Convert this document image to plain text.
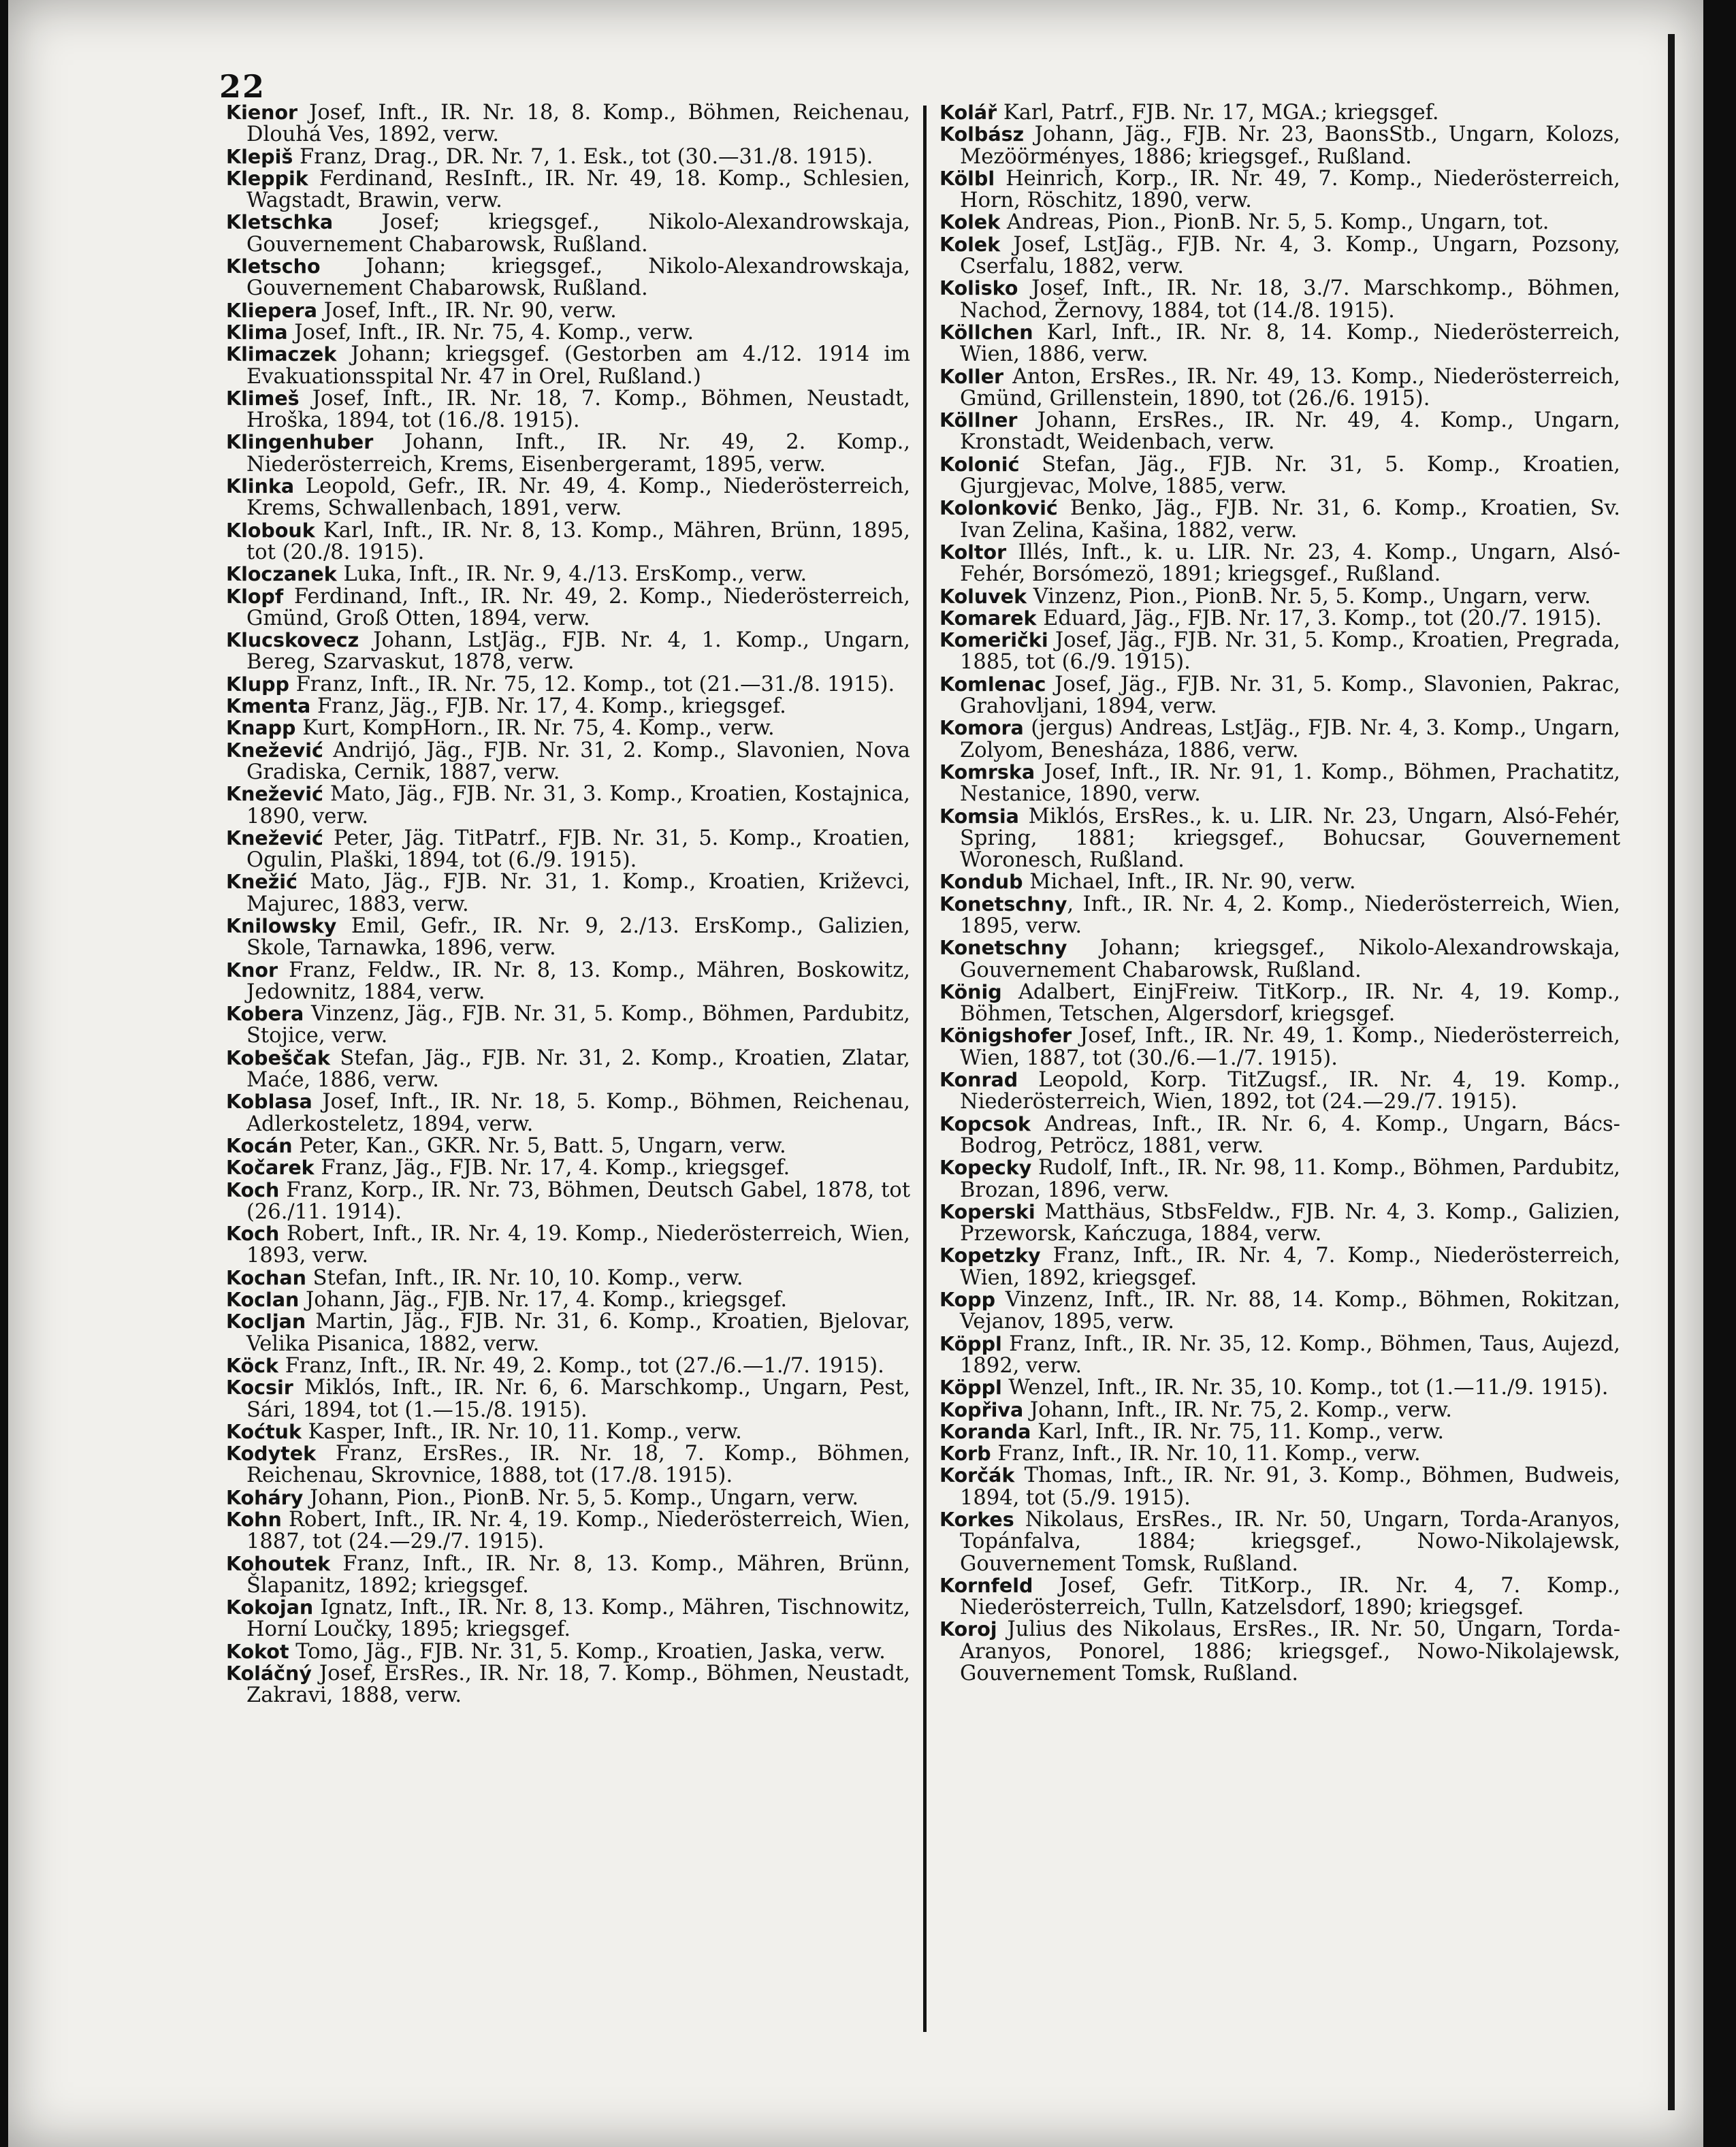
22

Kienor Josef, Inft., IR. Nr. 18, 8. Komp., Böhmen, Reichenau, Dlouhá Ves, 1892, verw.

Klepiš Franz, Drag., DR. Nr. 7, 1. Esk., tot (30.—31./8. 1915).

Kleppik Ferdinand, ResInft., IR. Nr. 49, 18. Komp., Schlesien, Wagstadt, Brawin, verw.

Kletschka Josef; kriegsgef., Nikolo-Alexandrowskaja, Gouvernement Chabarowsk, Rußland.

Kletscho Johann; kriegsgef., Nikolo-Alexandrowskaja, Gouvernement Chabarowsk, Rußland.

Kliepera Josef, Inft., IR. Nr. 90, verw.

Klima Josef, Inft., IR. Nr. 75, 4. Komp., verw.

Klimaczek Johann; kriegsgef. (Gestorben am 4./12. 1914 im Evakuationsspital Nr. 47 in Orel, Rußland.)

Klimeš Josef, Inft., IR. Nr. 18, 7. Komp., Böhmen, Neustadt, Hroška, 1894, tot (16./8. 1915).

Klingenhuber Johann, Inft., IR. Nr. 49, 2. Komp., Niederösterreich, Krems, Eisenbergeramt, 1895, verw.

Klinka Leopold, Gefr., IR. Nr. 49, 4. Komp., Niederösterreich, Krems, Schwallenbach, 1891, verw.

Klobouk Karl, Inft., IR. Nr. 8, 13. Komp., Mähren, Brünn, 1895, tot (20./8. 1915).

Kloczanek Luka, Inft., IR. Nr. 9, 4./13. ErsKomp., verw.

Klopf Ferdinand, Inft., IR. Nr. 49, 2. Komp., Niederösterreich, Gmünd, Groß Otten, 1894, verw.

Klucskovecz Johann, LstJäg., FJB. Nr. 4, 1. Komp., Ungarn, Bereg, Szarvaskut, 1878, verw.

Klupp Franz, Inft., IR. Nr. 75, 12. Komp., tot (21.—31./8. 1915).

Kmenta Franz, Jäg., FJB. Nr. 17, 4. Komp., kriegsgef.

Knapp Kurt, KompHorn., IR. Nr. 75, 4. Komp., verw.

Knežević Andrijó, Jäg., FJB. Nr. 31, 2. Komp., Slavonien, Nova Gradiska, Cernik, 1887, verw.

Knežević Mato, Jäg., FJB. Nr. 31, 3. Komp., Kroatien, Kostajnica, 1890, verw.

Knežević Peter, Jäg. TitPatrf., FJB. Nr. 31, 5. Komp., Kroatien, Ogulin, Plaški, 1894, tot (6./9. 1915).

Knežić Mato, Jäg., FJB. Nr. 31, 1. Komp., Kroatien, Križevci, Majurec, 1883, verw.

Knilowsky Emil, Gefr., IR. Nr. 9, 2./13. ErsKomp., Galizien, Skole, Tarnawka, 1896, verw.

Knor Franz, Feldw., IR. Nr. 8, 13. Komp., Mähren, Boskowitz, Jedownitz, 1884, verw.

Kobera Vinzenz, Jäg., FJB. Nr. 31, 5. Komp., Böhmen, Pardubitz, Stojice, verw.

Kobeščak Stefan, Jäg., FJB. Nr. 31, 2. Komp., Kroatien, Zlatar, Maće, 1886, verw.

Koblasa Josef, Inft., IR. Nr. 18, 5. Komp., Böhmen, Reichenau, Adlerkosteletz, 1894, verw.

Kocán Peter, Kan., GKR. Nr. 5, Batt. 5, Ungarn, verw.

Kočarek Franz, Jäg., FJB. Nr. 17, 4. Komp., kriegsgef.

Koch Franz, Korp., IR. Nr. 73, Böhmen, Deutsch Gabel, 1878, tot (26./11. 1914).

Koch Robert, Inft., IR. Nr. 4, 19. Komp., Niederösterreich, Wien, 1893, verw.

Kochan Stefan, Inft., IR. Nr. 10, 10. Komp., verw.

Koclan Johann, Jäg., FJB. Nr. 17, 4. Komp., kriegsgef.

Kocljan Martin, Jäg., FJB. Nr. 31, 6. Komp., Kroatien, Bjelovar, Velika Pisanica, 1882, verw.

Köck Franz, Inft., IR. Nr. 49, 2. Komp., tot (27./6.—1./7. 1915).

Kocsir Miklós, Inft., IR. Nr. 6, 6. Marschkomp., Ungarn, Pest, Sári, 1894, tot (1.—15./8. 1915).

Koćtuk Kasper, Inft., IR. Nr. 10, 11. Komp., verw.

Kodytek Franz, ErsRes., IR. Nr. 18, 7. Komp., Böhmen, Reichenau, Skrovnice, 1888, tot (17./8. 1915).

Koháry Johann, Pion., PionB. Nr. 5, 5. Komp., Ungarn, verw.

Kohn Robert, Inft., IR. Nr. 4, 19. Komp., Niederösterreich, Wien, 1887, tot (24.—29./7. 1915).

Kohoutek Franz, Inft., IR. Nr. 8, 13. Komp., Mähren, Brünn, Šlapanitz, 1892; kriegsgef.

Kokojan Ignatz, Inft., IR. Nr. 8, 13. Komp., Mähren, Tischnowitz, Horní Loučky, 1895; kriegsgef.

Kokot Tomo, Jäg., FJB. Nr. 31, 5. Komp., Kroatien, Jaska, verw.

Koláčný Josef, ErsRes., IR. Nr. 18, 7. Komp., Böhmen, Neustadt, Zakravi, 1888, verw.

Kolář Karl, Patrf., FJB. Nr. 17, MGA.; kriegsgef.

Kolbász Johann, Jäg., FJB. Nr. 23, BaonsStb., Ungarn, Kolozs, Mezöörményes, 1886; kriegsgef., Rußland.

Kölbl Heinrich, Korp., IR. Nr. 49, 7. Komp., Niederösterreich, Horn, Röschitz, 1890, verw.

Kolek Andreas, Pion., PionB. Nr. 5, 5. Komp., Ungarn, tot.

Kolek Josef, LstJäg., FJB. Nr. 4, 3. Komp., Ungarn, Pozsony, Cserfalu, 1882, verw.

Kolisko Josef, Inft., IR. Nr. 18, 3./7. Marschkomp., Böhmen, Nachod, Žernovy, 1884, tot (14./8. 1915).

Köllchen Karl, Inft., IR. Nr. 8, 14. Komp., Niederösterreich, Wien, 1886, verw.

Koller Anton, ErsRes., IR. Nr. 49, 13. Komp., Niederösterreich, Gmünd, Grillenstein, 1890, tot (26./6. 1915).

Köllner Johann, ErsRes., IR. Nr. 49, 4. Komp., Ungarn, Kronstadt, Weidenbach, verw.

Kolonić Stefan, Jäg., FJB. Nr. 31, 5. Komp., Kroatien, Gjurgjevac, Molve, 1885, verw.

Kolonković Benko, Jäg., FJB. Nr. 31, 6. Komp., Kroatien, Sv. Ivan Zelina, Kašina, 1882, verw.

Koltor Illés, Inft., k. u. LIR. Nr. 23, 4. Komp., Ungarn, Alsó-Fehér, Borsómezö, 1891; kriegsgef., Rußland.

Koluvek Vinzenz, Pion., PionB. Nr. 5, 5. Komp., Ungarn, verw.

Komarek Eduard, Jäg., FJB. Nr. 17, 3. Komp., tot (20./7. 1915).

Komerički Josef, Jäg., FJB. Nr. 31, 5. Komp., Kroatien, Pregrada, 1885, tot (6./9. 1915).

Komlenac Josef, Jäg., FJB. Nr. 31, 5. Komp., Slavonien, Pakrac, Grahovljani, 1894, verw.

Komora (jergus) Andreas, LstJäg., FJB. Nr. 4, 3. Komp., Ungarn, Zolyom, Benesháza, 1886, verw.

Komrska Josef, Inft., IR. Nr. 91, 1. Komp., Böhmen, Prachatitz, Nestanice, 1890, verw.

Komsia Miklós, ErsRes., k. u. LIR. Nr. 23, Ungarn, Alsó-Fehér, Spring, 1881; kriegsgef., Bohucsar, Gouvernement Woronesch, Rußland.

Kondub Michael, Inft., IR. Nr. 90, verw.

Konetschny, Inft., IR. Nr. 4, 2. Komp., Niederösterreich, Wien, 1895, verw.

Konetschny Johann; kriegsgef., Nikolo-Alexandrowskaja, Gouvernement Chabarowsk, Rußland.

König Adalbert, EinjFreiw. TitKorp., IR. Nr. 4, 19. Komp., Böhmen, Tetschen, Algersdorf, kriegsgef.

Königshofer Josef, Inft., IR. Nr. 49, 1. Komp., Niederösterreich, Wien, 1887, tot (30./6.—1./7. 1915).

Konrad Leopold, Korp. TitZugsf., IR. Nr. 4, 19. Komp., Niederösterreich, Wien, 1892, tot (24.—29./7. 1915).

Kopcsok Andreas, Inft., IR. Nr. 6, 4. Komp., Ungarn, Bács-Bodrog, Petröcz, 1881, verw.

Kopecky Rudolf, Inft., IR. Nr. 98, 11. Komp., Böhmen, Pardubitz, Brozan, 1896, verw.

Koperski Matthäus, StbsFeldw., FJB. Nr. 4, 3. Komp., Galizien, Przeworsk, Kańczuga, 1884, verw.

Kopetzky Franz, Inft., IR. Nr. 4, 7. Komp., Niederösterreich, Wien, 1892, kriegsgef.

Kopp Vinzenz, Inft., IR. Nr. 88, 14. Komp., Böhmen, Rokitzan, Vejanov, 1895, verw.

Köppl Franz, Inft., IR. Nr. 35, 12. Komp., Böhmen, Taus, Aujezd, 1892, verw.

Köppl Wenzel, Inft., IR. Nr. 35, 10. Komp., tot (1.—11./9. 1915).

Kopřiva Johann, Inft., IR. Nr. 75, 2. Komp., verw.

Koranda Karl, Inft., IR. Nr. 75, 11. Komp., verw.

Korb Franz, Inft., IR. Nr. 10, 11. Komp., verw.

Korčák Thomas, Inft., IR. Nr. 91, 3. Komp., Böhmen, Budweis, 1894, tot (5./9. 1915).

Korkes Nikolaus, ErsRes., IR. Nr. 50, Ungarn, Torda-Aranyos, Topánfalva, 1884; kriegsgef., Nowo-Nikolajewsk, Gouvernement Tomsk, Rußland.

Kornfeld Josef, Gefr. TitKorp., IR. Nr. 4, 7. Komp., Niederösterreich, Tulln, Katzelsdorf, 1890; kriegsgef.

Koroj Julius des Nikolaus, ErsRes., IR. Nr. 50, Ungarn, Torda-Aranyos, Ponorel, 1886; kriegsgef., Nowo-Nikolajewsk, Gouvernement Tomsk, Rußland.
